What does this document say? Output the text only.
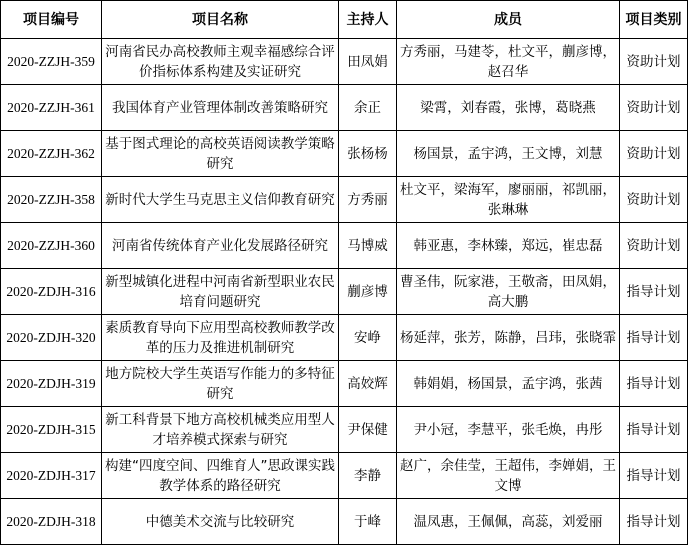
项目编号	项目名称	主持人	成员	项目类别
2020-ZZJH-359	河南省民办高校教师主观幸福感综合评价指标体系构建及实证研究	田凤娟	方秀丽，马建苓，杜文平，蒯彦博，赵召华	资助计划
2020-ZZJH-361	我国体育产业管理体制改善策略研究	余正	梁霄，刘春霞，张博，葛晓燕	资助计划
2020-ZZJH-362	基于图式理论的高校英语阅读教学策略研究	张杨杨	杨国景，孟宇鸿，王文博，刘慧	资助计划
2020-ZZJH-358	新时代大学生马克思主义信仰教育研究	方秀丽	杜文平，梁海军，廖丽丽，祁凯丽，张琳琳	资助计划
2020-ZZJH-360	河南省传统体育产业化发展路径研究	马博威	韩亚惠，李林臻，郑远，崔忠磊	资助计划
2020-ZDJH-316	新型城镇化进程中河南省新型职业农民培育问题研究	蒯彦博	曹圣伟，阮家港，王敬斋，田凤娟，高大鹏	指导计划
2020-ZDJH-320	素质教育导向下应用型高校教师教学改革的压力及推进机制研究	安峥	杨延萍，张芳，陈静，吕玮，张晓霏	指导计划
2020-ZDJH-319	地方院校大学生英语写作能力的多特征研究	高姣辉	韩娟娟，杨国景，孟宇鸿，张茜	指导计划
2020-ZDJH-315	新工科背景下地方高校机械类应用型人才培养模式探索与研究	尹保健	尹小冠，李慧平，张毛焕，冉彤	指导计划
2020-ZDJH-317	构建“四度空间、四维育人”思政课实践教学体系的路径研究	李静	赵广，余佳莹，王超伟，李婵娟，王文博	指导计划
2020-ZDJH-318	中德美术交流与比较研究	于峰	温凤惠，王佩佩，高蕊，刘爱丽	指导计划
